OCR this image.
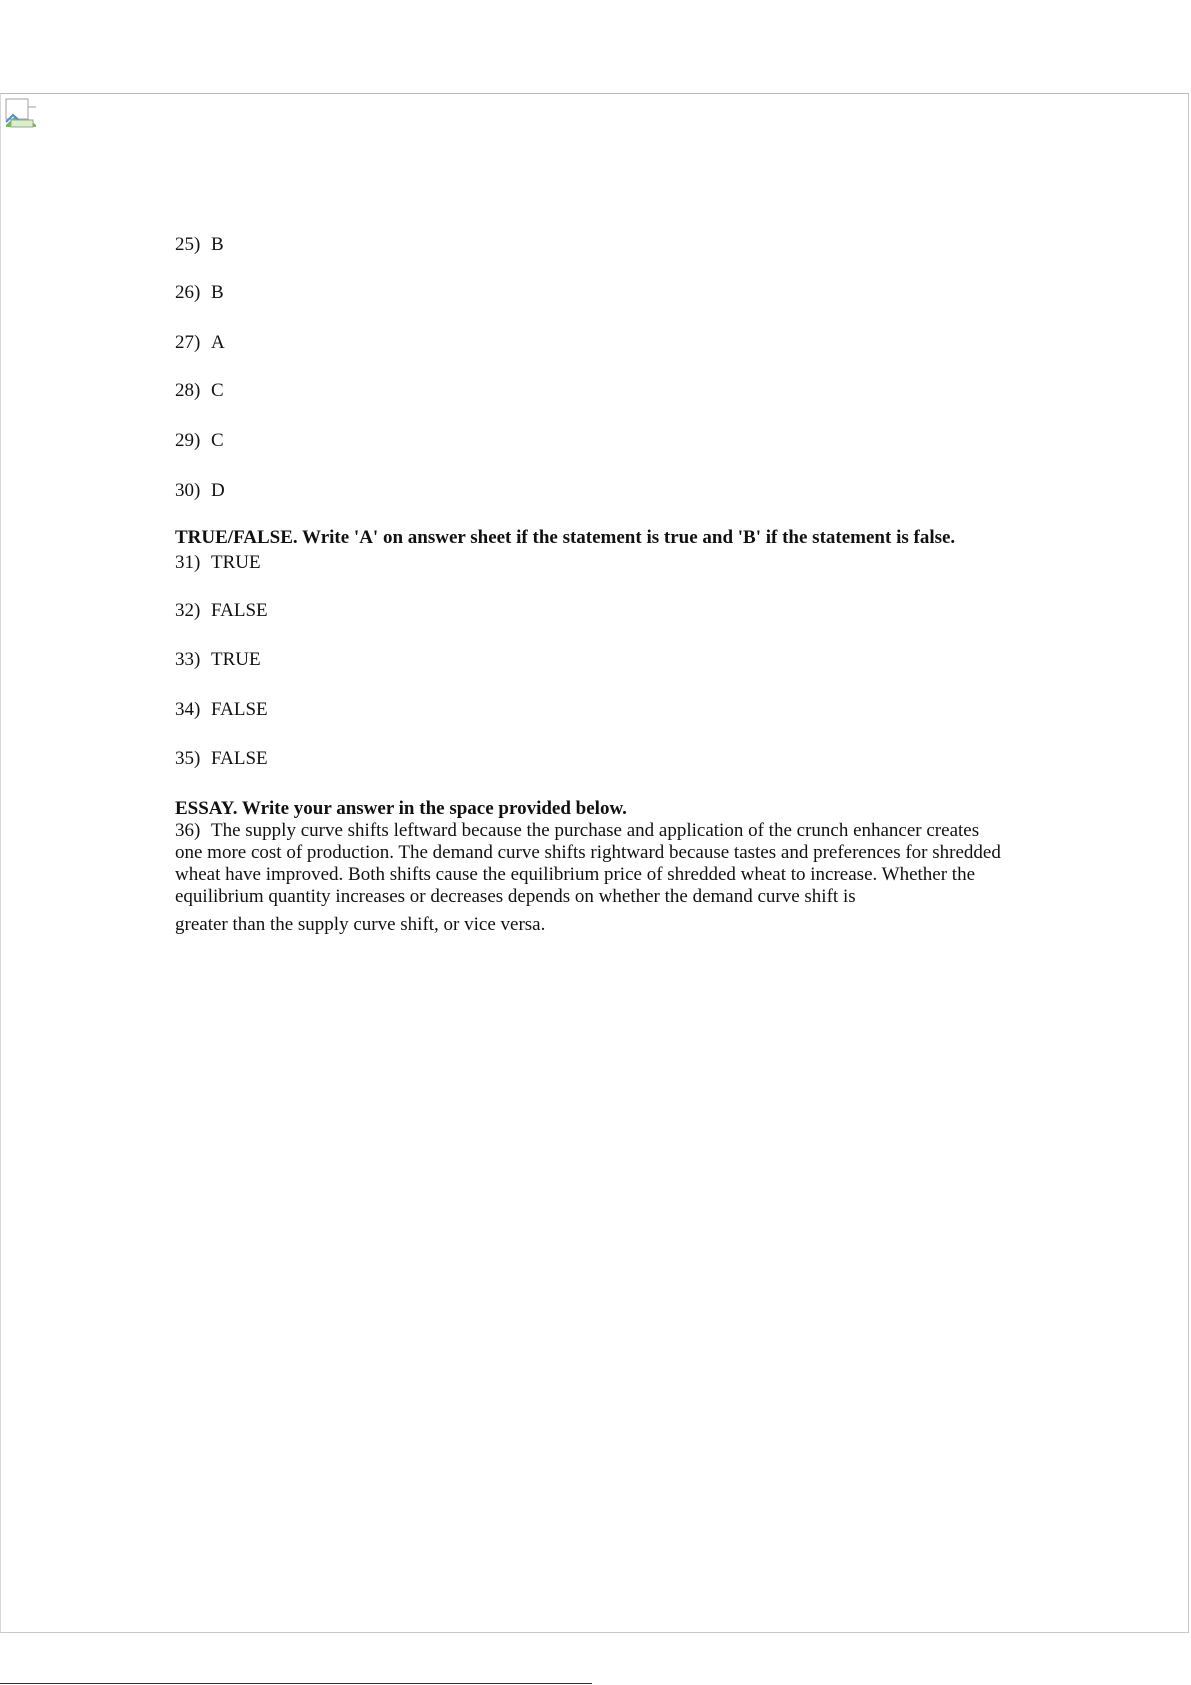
25) B
26) B
27) A
28) C
29) C
30) D
TRUE/FALSE. Write 'A' on answer sheet if the statement is true and 'B' if the statement is false.
31) TRUE
32) FALSE
33) TRUE
34) FALSE
35) FALSE
ESSAY. Write your answer in the space provided below.
36) The supply curve shifts leftward because the purchase and application of the crunch enhancer creates one more cost of production. The demand curve shifts rightward because tastes and preferences for shredded wheat have improved. Both shifts cause the equilibrium price of shredded wheat to increase. Whether the equilibrium quantity increases or decreases depends on whether the demand curve shift is
greater than the supply curve shift, or vice versa.
